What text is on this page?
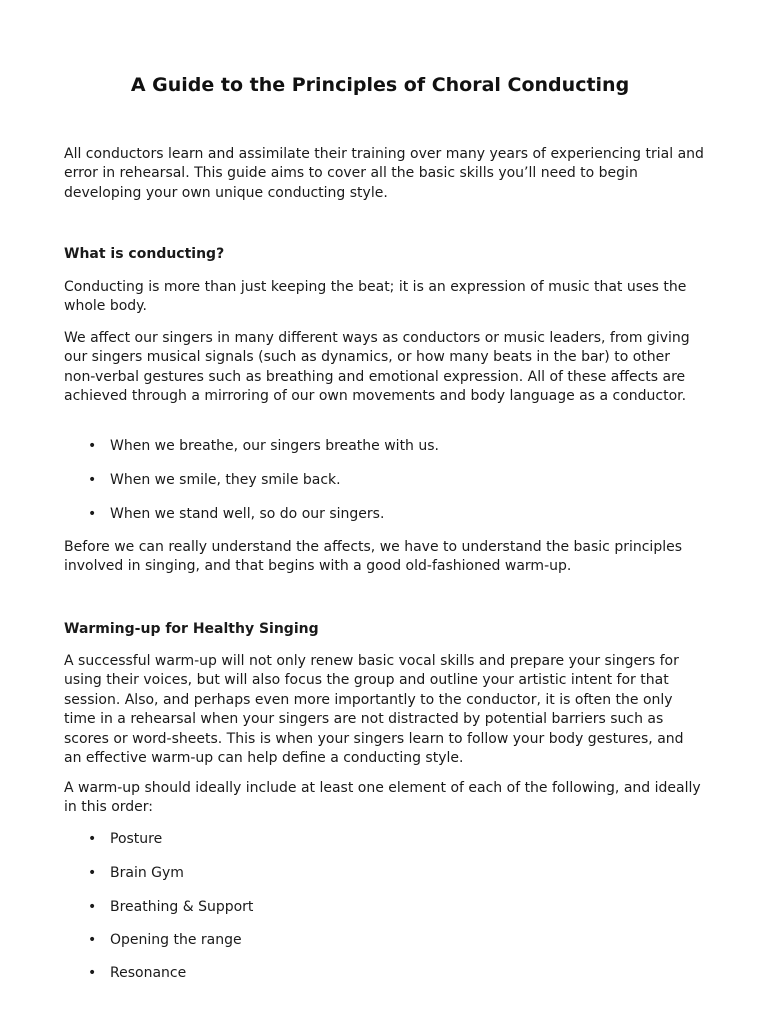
A Guide to the Principles of Choral Conducting

All conductors learn and assimilate their training over many years of experiencing trial and error in rehearsal. This guide aims to cover all the basic skills you’ll need to begin developing your own unique conducting style.

What is conducting?

Conducting is more than just keeping the beat; it is an expression of music that uses the whole body.

We affect our singers in many different ways as conductors or music leaders, from giving our singers musical signals (such as dynamics, or how many beats in the bar) to other non-verbal gestures such as breathing and emotional expression. All of these affects are achieved through a mirroring of our own movements and body language as a conductor.

• When we breathe, our singers breathe with us.
• When we smile, they smile back.
• When we stand well, so do our singers.

Before we can really understand the affects, we have to understand the basic principles involved in singing, and that begins with a good old-fashioned warm-up.

Warming-up for Healthy Singing

A successful warm-up will not only renew basic vocal skills and prepare your singers for using their voices, but will also focus the group and outline your artistic intent for that session. Also, and perhaps even more importantly to the conductor, it is often the only time in a rehearsal when your singers are not distracted by potential barriers such as scores or word-sheets. This is when your singers learn to follow your body gestures, and an effective warm-up can help define a conducting style.

A warm-up should ideally include at least one element of each of the following, and ideally in this order:

• Posture
• Brain Gym
• Breathing & Support
• Opening the range
• Resonance
